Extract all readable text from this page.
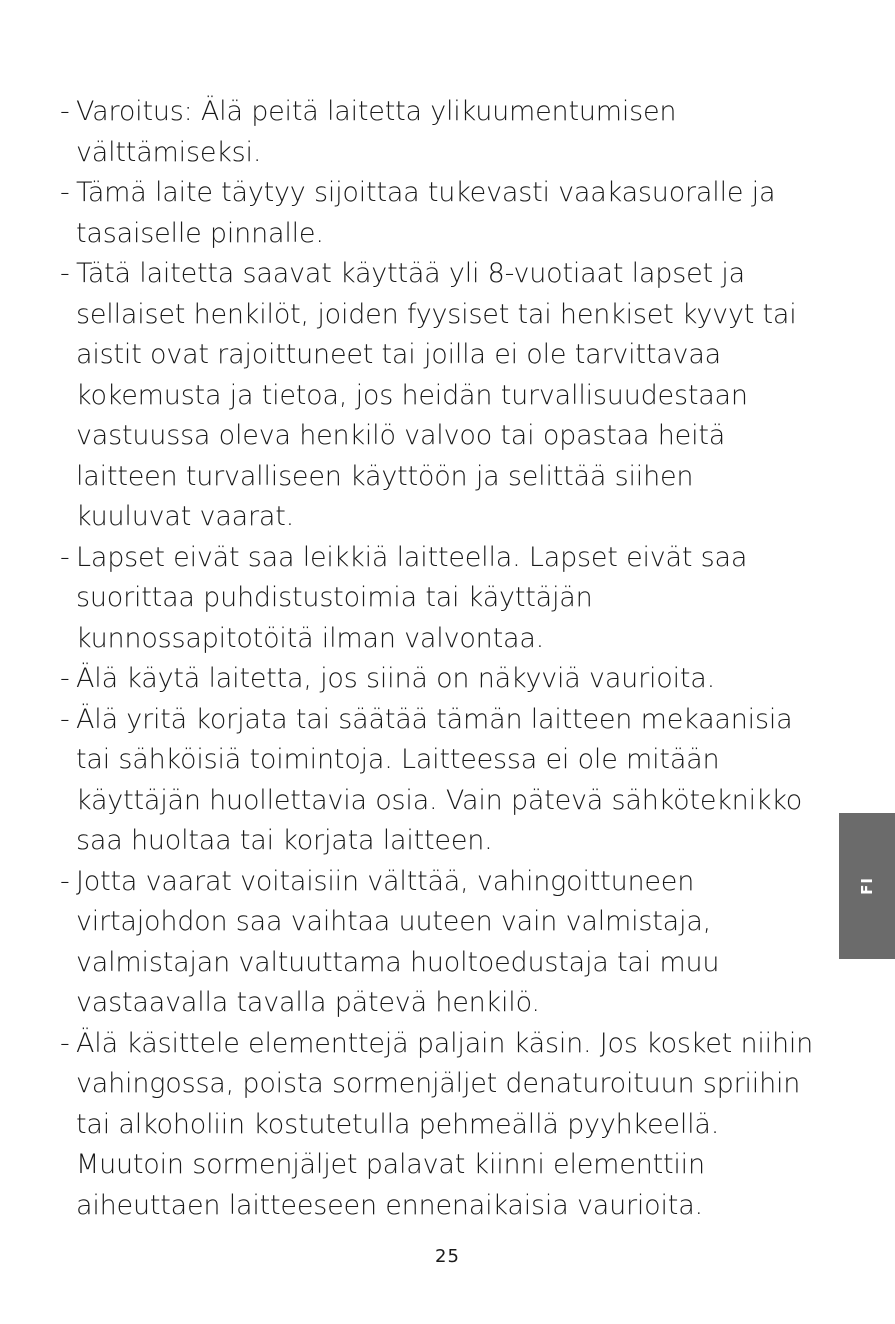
- Varoitus: Älä peitä laitetta ylikuumentumisen
välttämiseksi.
- Tämä laite täytyy sijoittaa tukevasti vaakasuoralle ja
tasaiselle pinnalle.
- Tätä laitetta saavat käyttää yli 8-vuotiaat lapset ja
sellaiset henkilöt, joiden fyysiset tai henkiset kyvyt tai
aistit ovat rajoittuneet tai joilla ei ole tarvittavaa
kokemusta ja tietoa, jos heidän turvallisuudestaan
vastuussa oleva henkilö valvoo tai opastaa heitä
laitteen turvalliseen käyttöön ja selittää siihen
kuuluvat vaarat.
- Lapset eivät saa leikkiä laitteella. Lapset eivät saa
suorittaa puhdistustoimia tai käyttäjän
kunnossapitotöitä ilman valvontaa.
- Älä käytä laitetta, jos siinä on näkyviä vaurioita.
- Älä yritä korjata tai säätää tämän laitteen mekaanisia
tai sähköisiä toimintoja. Laitteessa ei ole mitään
käyttäjän huollettavia osia. Vain pätevä sähköteknikko
saa huoltaa tai korjata laitteen.
- Jotta vaarat voitaisiin välttää, vahingoittuneen
virtajohdon saa vaihtaa uuteen vain valmistaja,
valmistajan valtuuttama huoltoedustaja tai muu
vastaavalla tavalla pätevä henkilö.
- Älä käsittele elementtejä paljain käsin. Jos kosket niihin
vahingossa, poista sormenjäljet denaturoituun spriihin
tai alkoholiin kostutetulla pehmeällä pyyhkeellä.
Muutoin sormenjäljet palavat kiinni elementtiin
aiheuttaen laitteeseen ennenaikaisia vaurioita.
FI
25
